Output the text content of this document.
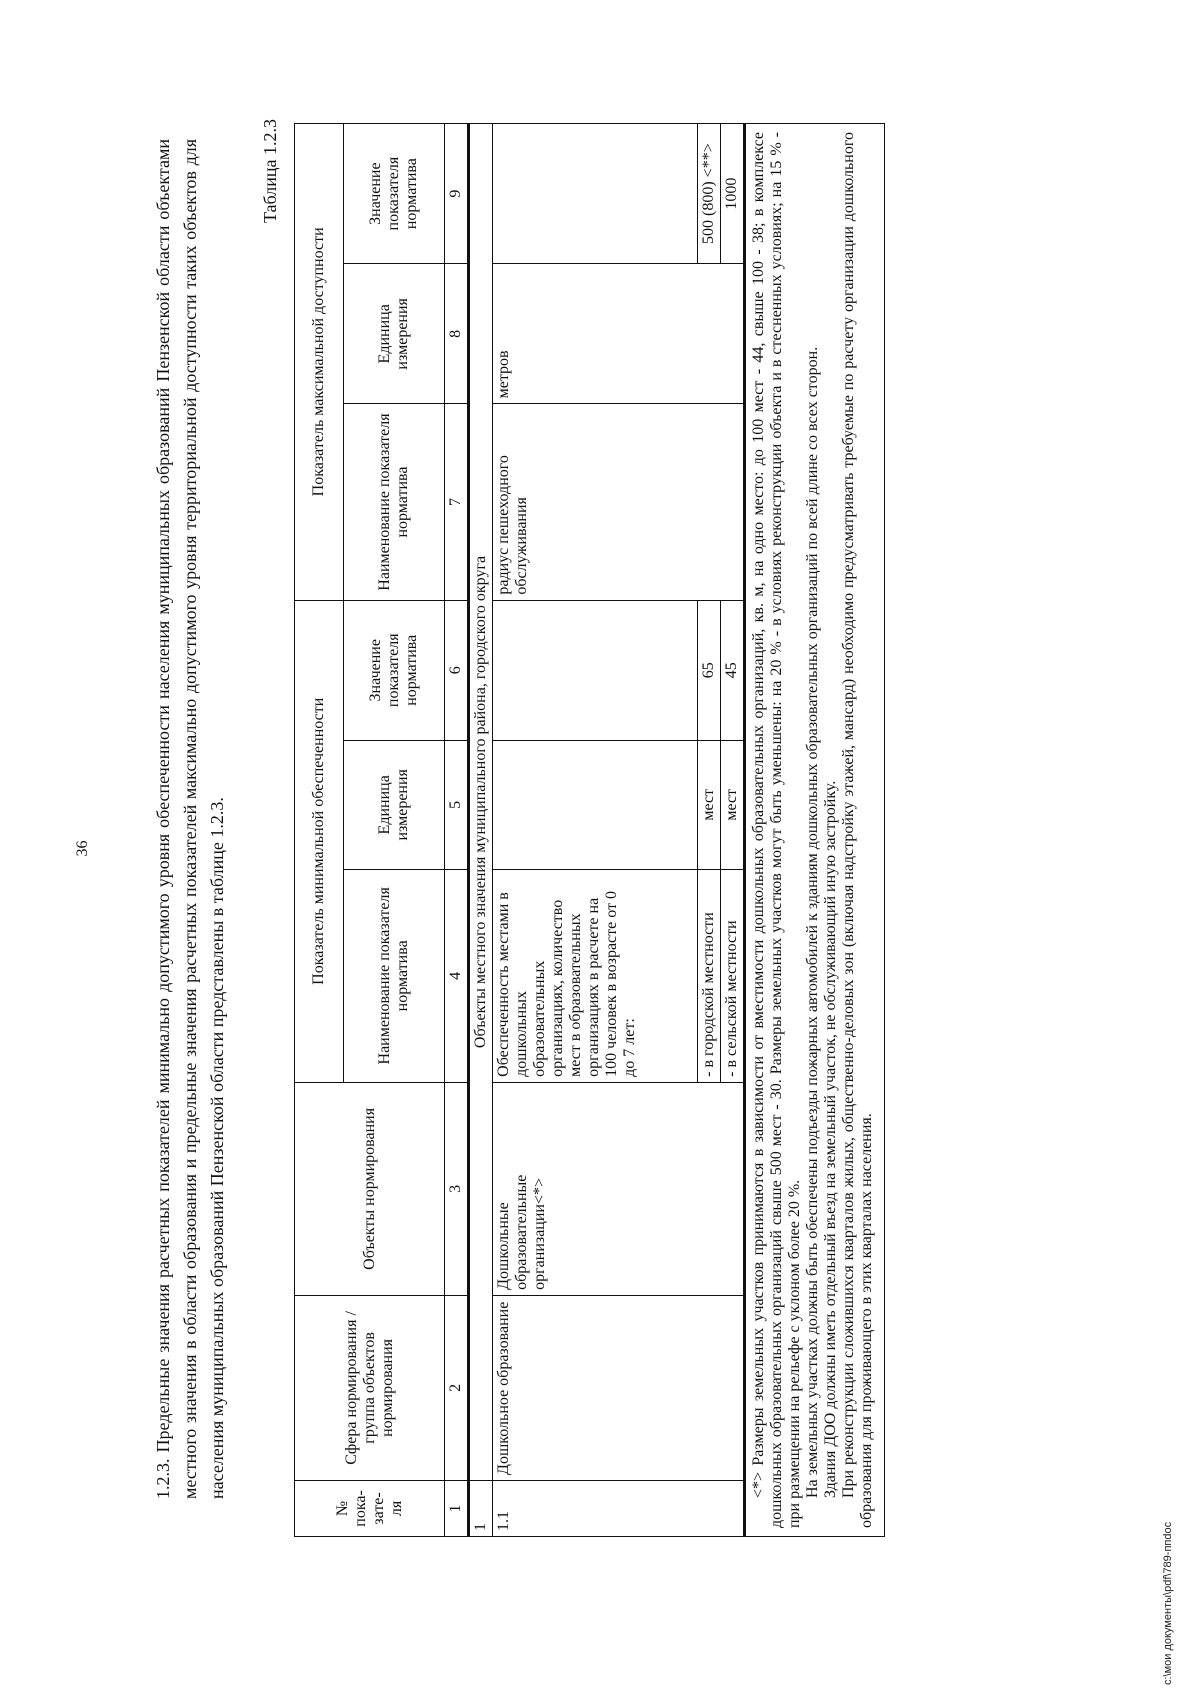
c:\мои документы\pdf\789-ппdoc
36	1.2.3. Предельные значения расчетных показателей минимально допустимого уровня обеспеченности населения муниципальных образований Пензенской области объектами местного значения в области образования и предельные значения расчетных показателей максимально допустимого уровня территориальной доступности таких объектов для населения муниципальных образований Пензенской области представлены в таблице 1.2.3.

Таблица 1.2.3
№ пока-зате-ля	Сфера нормирования / группа объектов нормирования	Объекты нормирования	Показатель минимальной обеспеченности			Показатель максимальной доступности		
			Наименование показателя норматива	Единица измерения	Значение показателя норматива	Наименование показателя норматива	Единица измерения	Значение показателя норматива
1	2	3	4	5	6	7	8	9
1	Объекты местного значения муниципального района, городского округа							
1.1	Дошкольное образование	Дошкольные образовательные организации<*>	Обеспеченность местами в дошкольных образовательных организациях, количество мест в образовательных организациях в расчете на 100 человек в возрасте от 0 до 7 лет:			радиус пешеходного обслуживания	метров	
			- в городской местности	мест	65			500 (800) <**>
			- в сельской местности	мест	45			1000

<*> Размеры земельных участков принимаются в зависимости от вместимости дошкольных образовательных организаций, кв. м, на одно место: до 100 мест - 44, свыше 100 - 38; в комплексе дошкольных образовательных организаций свыше 500 мест - 30. Размеры земельных участков могут быть уменьшены: на 20 % - в условиях реконструкции объекта и в стесненных условиях; на 15 % - при размещении на рельефе с уклоном более 20 %. На земельных участках должны быть обеспечены подъезды пожарных автомобилей к зданиям дошкольных образовательных организаций по всей длине со всех сторон. Здания ДОО должны иметь отдельный въезд на земельный участок, не обслуживающий иную застройку. При реконструкции сложившихся кварталов жилых, общественно-деловых зон (включая надстройку этажей, мансард) необходимо предусматривать требуемые по расчету организации дошкольного образования для проживающего в этих кварталах населения.								
